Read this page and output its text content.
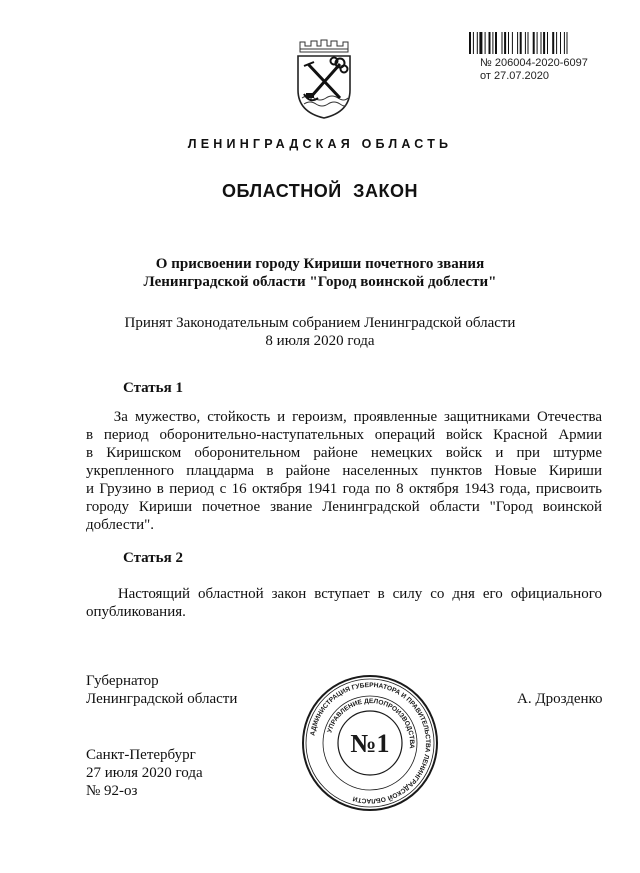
№ 206004-2020-6097
от 27.07.2020
ЛЕНИНГРАДСКАЯ ОБЛАСТЬ
ОБЛАСТНОЙ ЗАКОН
О присвоении городу Кириши почетного звания
Ленинградской области "Город воинской доблести"
Принят Законодательным собранием Ленинградской области
8 июля 2020 года
Статья 1
За мужество, стойкость и героизм, проявленные защитниками Отечества
в период оборонительно-наступательных операций войск Красной Армии
в Киришском оборонительном районе немецких войск и при штурме
укрепленного плацдарма в районе населенных пунктов Новые Кириши
и Грузино в период с 16 октября 1941 года по 8 октября 1943 года, присвоить
городу Кириши почетное звание Ленинградской области "Город воинской
доблести".
Статья 2
Настоящий областной закон вступает в силу со дня его официального
опубликования.
Губернатор
Ленинградской области	А. Дрозденко
Санкт-Петербург
27 июля 2020 года
№ 92-оз
АДМИНИСТРАЦИЯ ГУБЕРНАТОРА И ПРАВИТЕЛЬСТВА ЛЕНИНГРАДСКОЙ ОБЛАСТИ
УПРАВЛЕНИЕ ДЕЛОПРОИЗВОДСТВА
№1
